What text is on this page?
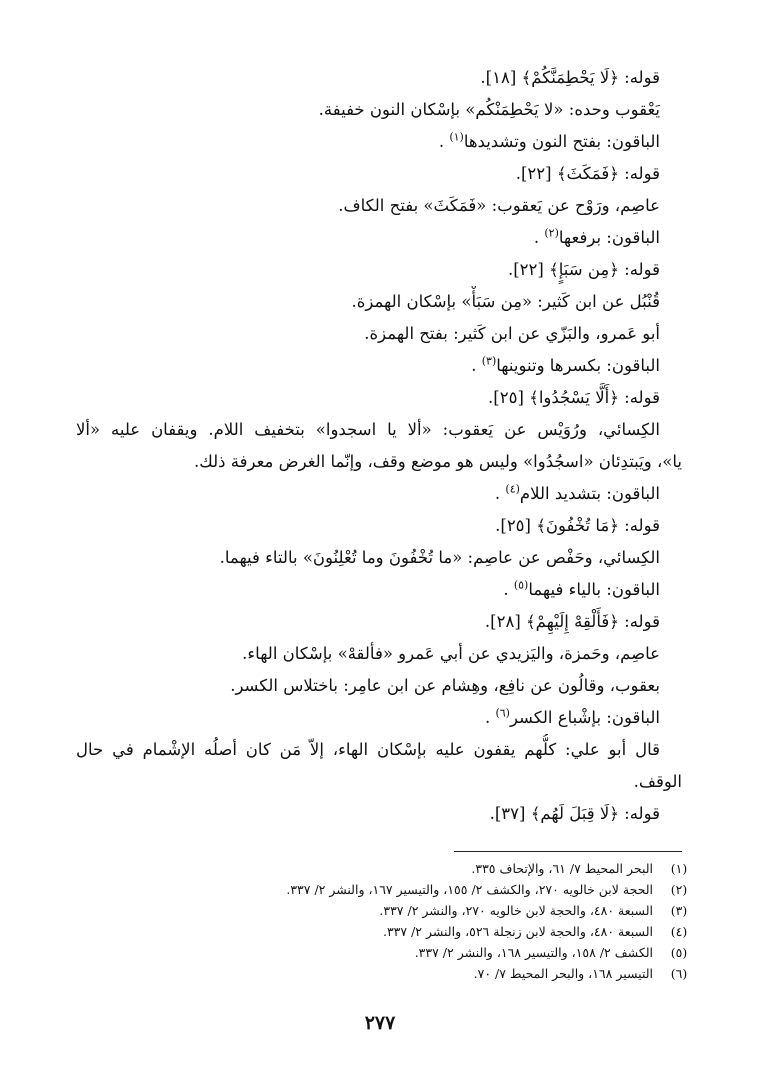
قوله: ﴿لَا يَحْطِمَنَّكُمْ﴾ [١٨].
يَعْقوب وحده: «لا يَحْطِمَنْكُم» بإسْكان النون خفيفة.
الباقون: بفتح النون وتشديدها$^{(١)}$ .
قوله: ﴿فَمَكَثَ﴾ [٢٢].
عاصِم، ورَوْح عن يَعقوب: «فَمَكَثَ» بفتح الكاف.
الباقون: برفعها$^{(٢)}$ .
قوله: ﴿مِن سَبَإٍ﴾ [٢٢].
قُنْبُل عن ابن كَثير: «مِن سَبَأْ» بإسْكان الهمزة.
أبو عَمرو، والبَزّي عن ابن كَثير: بفتح الهمزة.
الباقون: بكسرها وتنوينها$^{(٣)}$ .
قوله: ﴿أَلَّا يَسْجُدُوا﴾ [٢٥].
الكِسائي، ورُوَيْس عن يَعقوب: «ألا يا اسجدوا» بتخفيف اللام. ويقفان عليه «ألا
يا»، ويَبتدِئان «اسجُدُوا» وليس هو موضع وقف، وإنّما الغرض معرفة ذلك.
الباقون: بتشديد اللام$^{(٤)}$ .
قوله: ﴿مَا تُخْفُونَ﴾ [٢٥].
الكِسائي، وحَفْص عن عاصِم: «ما تُخْفُونَ وما تُعْلِنُونَ» بالتاء فيهما.
الباقون: بالياء فيهما$^{(٥)}$ .
قوله: ﴿فَأَلْقِهْ إِلَيْهِمْ﴾ [٢٨].
عاصِم، وحَمزة، واليَزيدي عن أبي عَمرو «فألقهْ» بإسْكان الهاء.
بعقوب، وقالُون عن نافِع، وهِشام عن ابن عامِر: باختلاس الكسر.
الباقون: بإشْباع الكسر$^{(٦)}$ .
قال أبو علي: كلُّهم يقفون عليه بإسْكان الهاء، إلاّ مَن كان أصلُه الإشْمام في حال
الوقف.
قوله: ﴿لَا قِبَلَ لَهُم﴾ [٣٧].
(١)
البحر المحيط ٧/ ٦١، والإتحاف ٣٣٥.
(٢)
الحجة لابن خالويه ٢٧٠، والكشف ٢/ ١٥٥، والتيسير ١٦٧، والنشر ٢/ ٣٣٧.
(٣)
السبعة ٤٨٠، والحجة لابن خالويه ٢٧٠، والنشر ٢/ ٣٣٧.
(٤)
السبعة ٤٨٠، والحجة لابن زنجلة ٥٢٦، والنشر ٢/ ٣٣٧.
(٥)
الكشف ٢/ ١٥٨، والتيسير ١٦٨، والنشر ٢/ ٣٣٧.
(٦)
التيسير ١٦٨، والبحر المحيط ٧/ ٧٠.
٢٧٧
